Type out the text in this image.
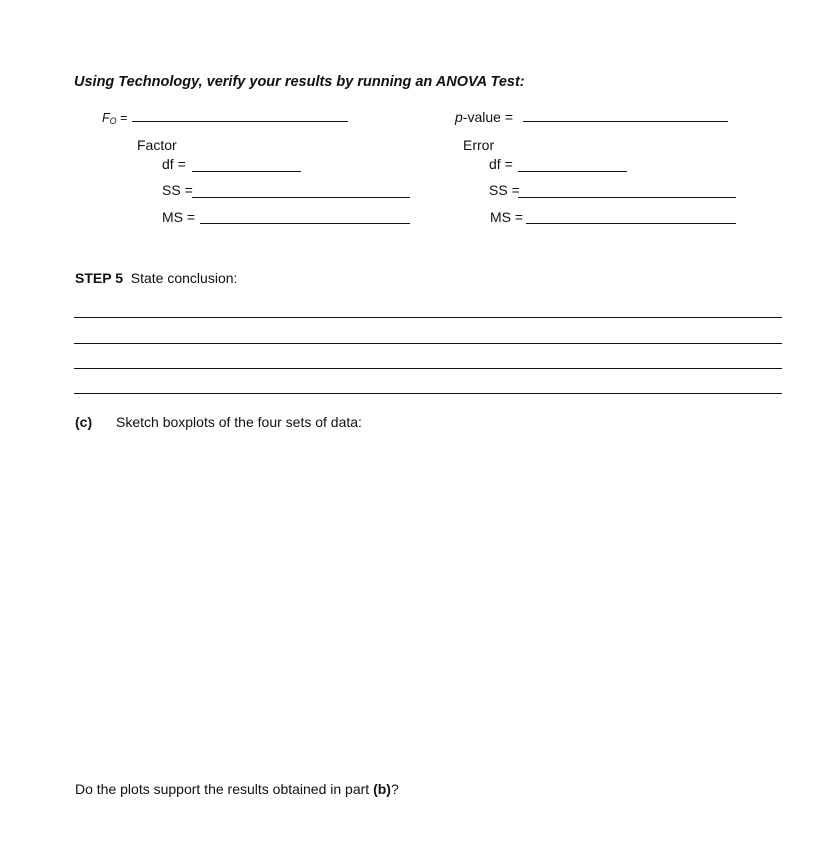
Using Technology, verify your results by running an ANOVA Test:
$F_O$ =	p-value =
Factor
df =
SS =
MS =
Error
df =
SS =
MS =
STEP 5 State conclusion:
(c) Sketch boxplots of the four sets of data:
Do the plots support the results obtained in part (b)?
